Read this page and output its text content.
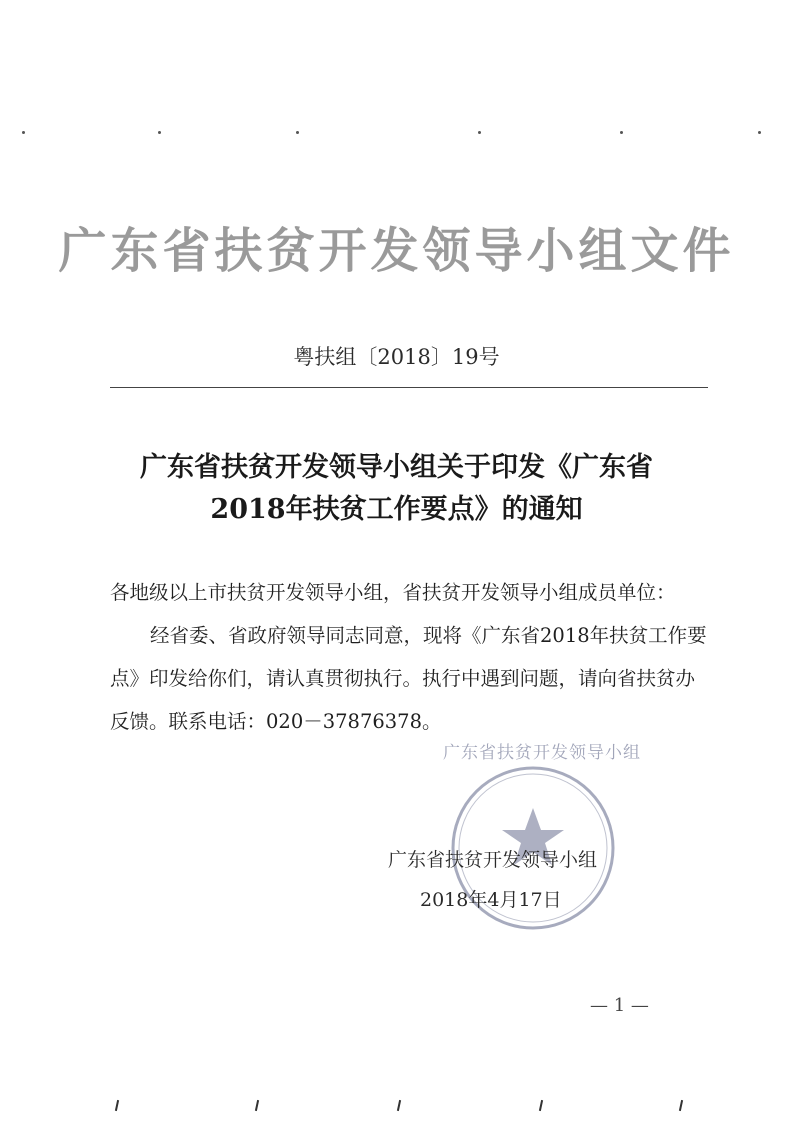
广东省扶贫开发领导小组文件
粤扶组〔2018〕19号
广东省扶贫开发领导小组关于印发《广东省
2018年扶贫工作要点》的通知

各地级以上市扶贫开发领导小组，省扶贫开发领导小组成员单位：

经省委、省政府领导同志同意，现将《广东省2018年扶贫工作要点》印发给你们，请认真贯彻执行。执行中遇到问题，请向省扶贫办反馈。联系电话：020－37876378。

广东省扶贫开发领导小组
广东省扶贫开发领导小组
2018年4月17日
— 1 —
